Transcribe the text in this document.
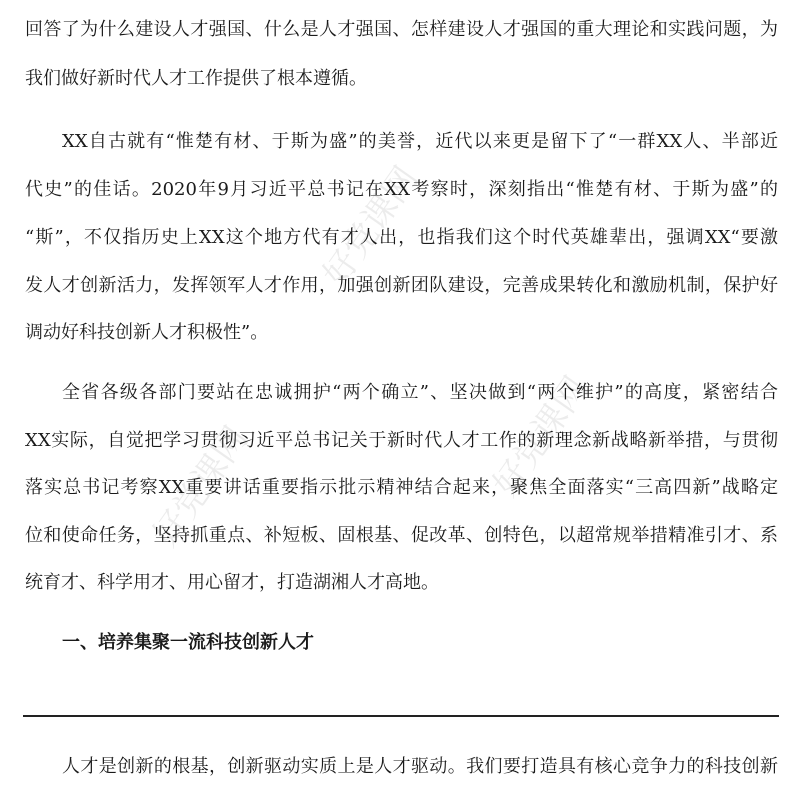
好党课网
好党课网
好党课网
回答了为什么建设人才强国、什么是人才强国、怎样建设人才强国的重大理论和实践问题，为
我们做好新时代人才工作提供了根本遵循。
XX自古就有“惟楚有材、于斯为盛”的美誉，近代以来更是留下了“一群XX人、半部近
代史”的佳话。2020年9月习近平总书记在XX考察时，深刻指出“惟楚有材、于斯为盛”的
“斯”，不仅指历史上XX这个地方代有才人出，也指我们这个时代英雄辈出，强调XX“要激
发人才创新活力，发挥领军人才作用，加强创新团队建设，完善成果转化和激励机制，保护好
调动好科技创新人才积极性”。
全省各级各部门要站在忠诚拥护“两个确立”、坚决做到“两个维护”的高度，紧密结合
XX实际，自觉把学习贯彻习近平总书记关于新时代人才工作的新理念新战略新举措，与贯彻
落实总书记考察XX重要讲话重要指示批示精神结合起来，聚焦全面落实“三高四新”战略定
位和使命任务，坚持抓重点、补短板、固根基、促改革、创特色，以超常规举措精准引才、系
统育才、科学用才、用心留才，打造湖湘人才高地。
一、培养集聚一流科技创新人才
人才是创新的根基，创新驱动实质上是人才驱动。我们要打造具有核心竞争力的科技创新
